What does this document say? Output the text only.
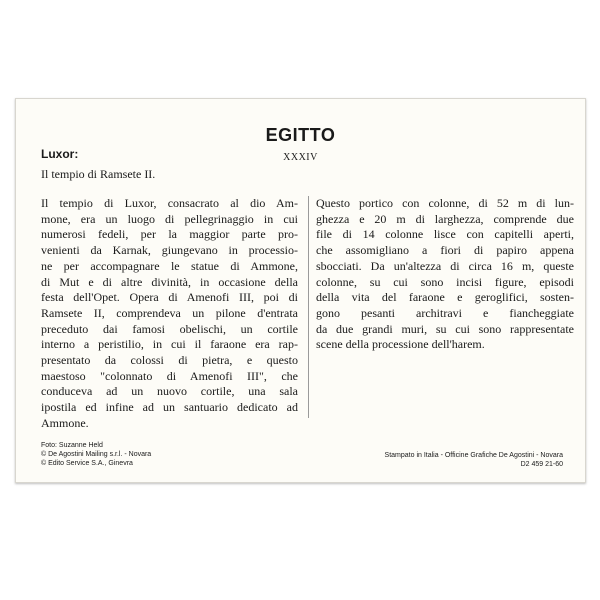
EGITTO
XXXIV
Luxor:
Il tempio di Ramsete II.
Il tempio di Luxor, consacrato al dio Am-
mone, era un luogo di pellegrinaggio in cui
numerosi fedeli, per la maggior parte pro-
venienti da Karnak, giungevano in processio-
ne per accompagnare le statue di Ammone,
di Mut e di altre divinità, in occasione della
festa dell'Opet. Opera di Amenofi III, poi di
Ramsete II, comprendeva un pilone d'entrata
preceduto dai famosi obelischi, un cortile
interno a peristilio, in cui il faraone era rap-
presentato da colossi di pietra, e questo
maestoso "colonnato di Amenofi III", che
conduceva ad un nuovo cortile, una sala
ipostila ed infine ad un santuario dedicato ad
Ammone.
Questo portico con colonne, di 52 m di lun-
ghezza e 20 m di larghezza, comprende due
file di 14 colonne lisce con capitelli aperti,
che assomigliano a fiori di papiro appena
sbocciati. Da un'altezza di circa 16 m, queste
colonne, su cui sono incisi figure, episodi
della vita del faraone e geroglifici, sosten-
gono pesanti architravi e fiancheggiate
da due grandi muri, su cui sono rappresentate
scene della processione dell'harem.
Foto: Suzanne Held
© De Agostini Mailing s.r.l. - Novara
© Edito Service S.A., Ginevra
Stampato in Italia - Officine Grafiche De Agostini - Novara
D2 459 21-60
